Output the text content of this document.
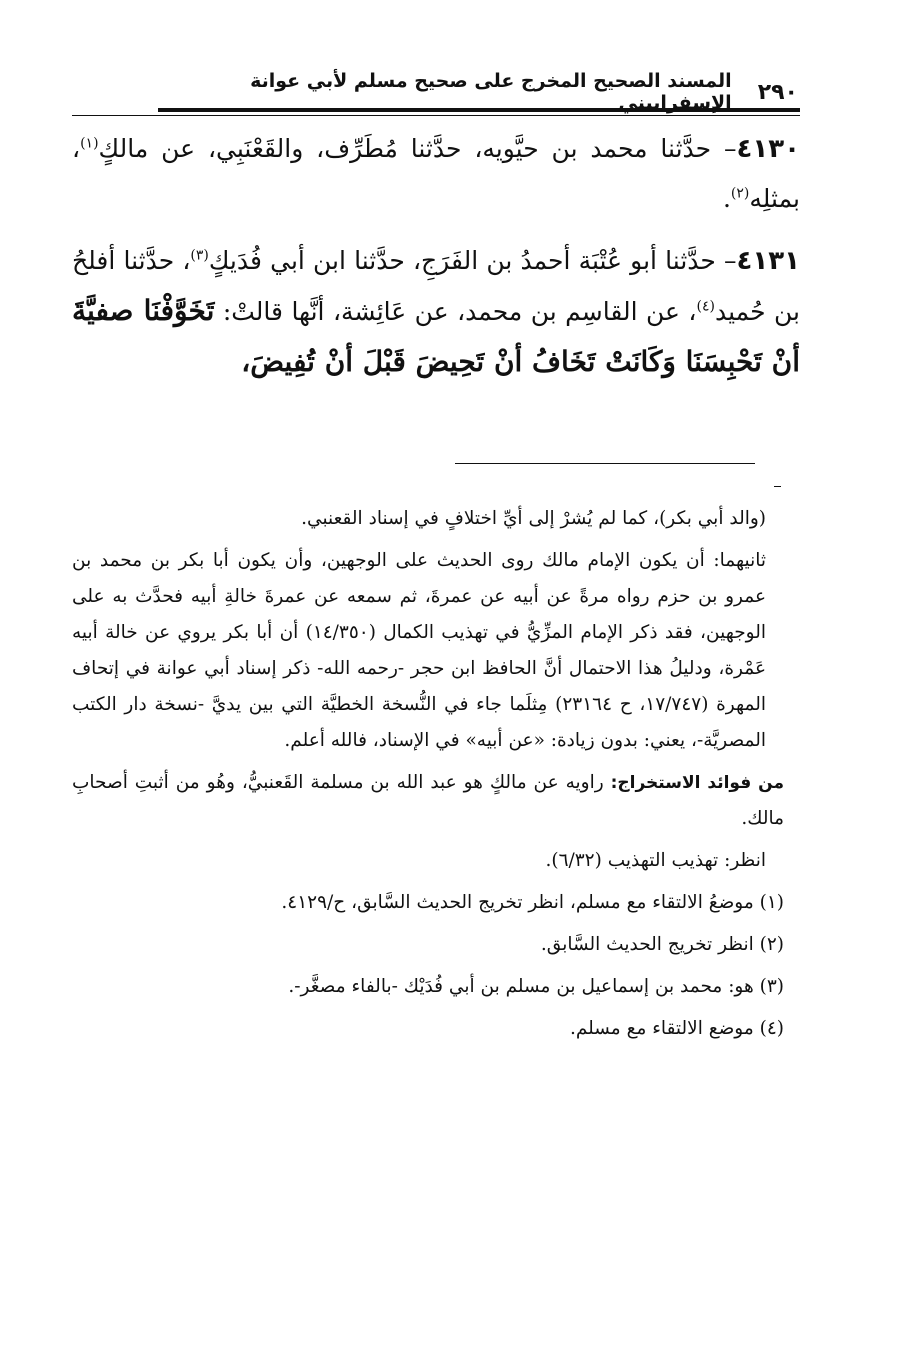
٢٩٠
المسند الصحيح المخرج على صحيح مسلم لأبي عوانة الإسفراييني

٤١٣٠– حدَّثنا محمد بن حيَّويه، حدَّثنا مُطَرِّف، والقَعْنَبِي، عن مالكٍ$^{(١)}$، بمثلِه$^{(٢)}$.

٤١٣١– حدَّثنا أبو عُتْبَة أحمدُ بن الفَرَجِ، حدَّثنا ابن أبي فُدَيكٍ$^{(٣)}$، حدَّثنا أفلحُ بن حُميد$^{(٤)}$، عن القاسِم بن محمد، عن عَائِشة، أنَّها قالتْ: تَخَوَّفْنَا صفيَّةَ أنْ تَحْبِسَنَا وَكَانَتْ تَخَافُ أنْ تَحِيضَ قَبْلَ أنْ تُفِيضَ،

(والد أبي بكر)، كما لم يُشرْ إلى أيِّ اختلافٍ في إسناد القعنبي.

ثانيهما: أن يكون الإمام مالك روى الحديث على الوجهين، وأن يكون أبا بكر بن محمد بن عمرو بن حزم رواه مرةً عن أبيه عن عمرةَ، ثم سمعه عن عمرةَ خالةِ أبيه فحدَّث به على الوجهين، فقد ذكر الإمام المزِّيُّ في تهذيب الكمال (١٤/٣٥٠) أن أبا بكر يروي عن خالة أبيه عَمْرة، ودليلُ هذا الاحتمال أنَّ الحافظ ابن حجر -رحمه الله- ذكر إسناد أبي عوانة في إتحاف المهرة (١٧/٧٤٧، ح ٢٣١٦٤) مِثلَما جاء في النُّسخة الخطيَّة التي بين يديَّ -نسخة دار الكتب المصريَّة-، يعني: بدون زيادة: «عن أبيه» في الإسناد، فالله أعلم.

من فوائد الاستخراج: راويه عن مالكٍ هو عبد الله بن مسلمة القَعنبيُّ، وهُو من أثبتِ أصحابِ مالك.

انظر: تهذيب التهذيب (٦/٣٢).

(١) موضعُ الالتقاء مع مسلم، انظر تخريج الحديث السَّابق، ح/٤١٢٩.

(٢) انظر تخريج الحديث السَّابق.

(٣) هو: محمد بن إسماعيل بن مسلم بن أبي فُدَيْك -بالفاء مصغَّر-.

(٤) موضع الالتقاء مع مسلم.
